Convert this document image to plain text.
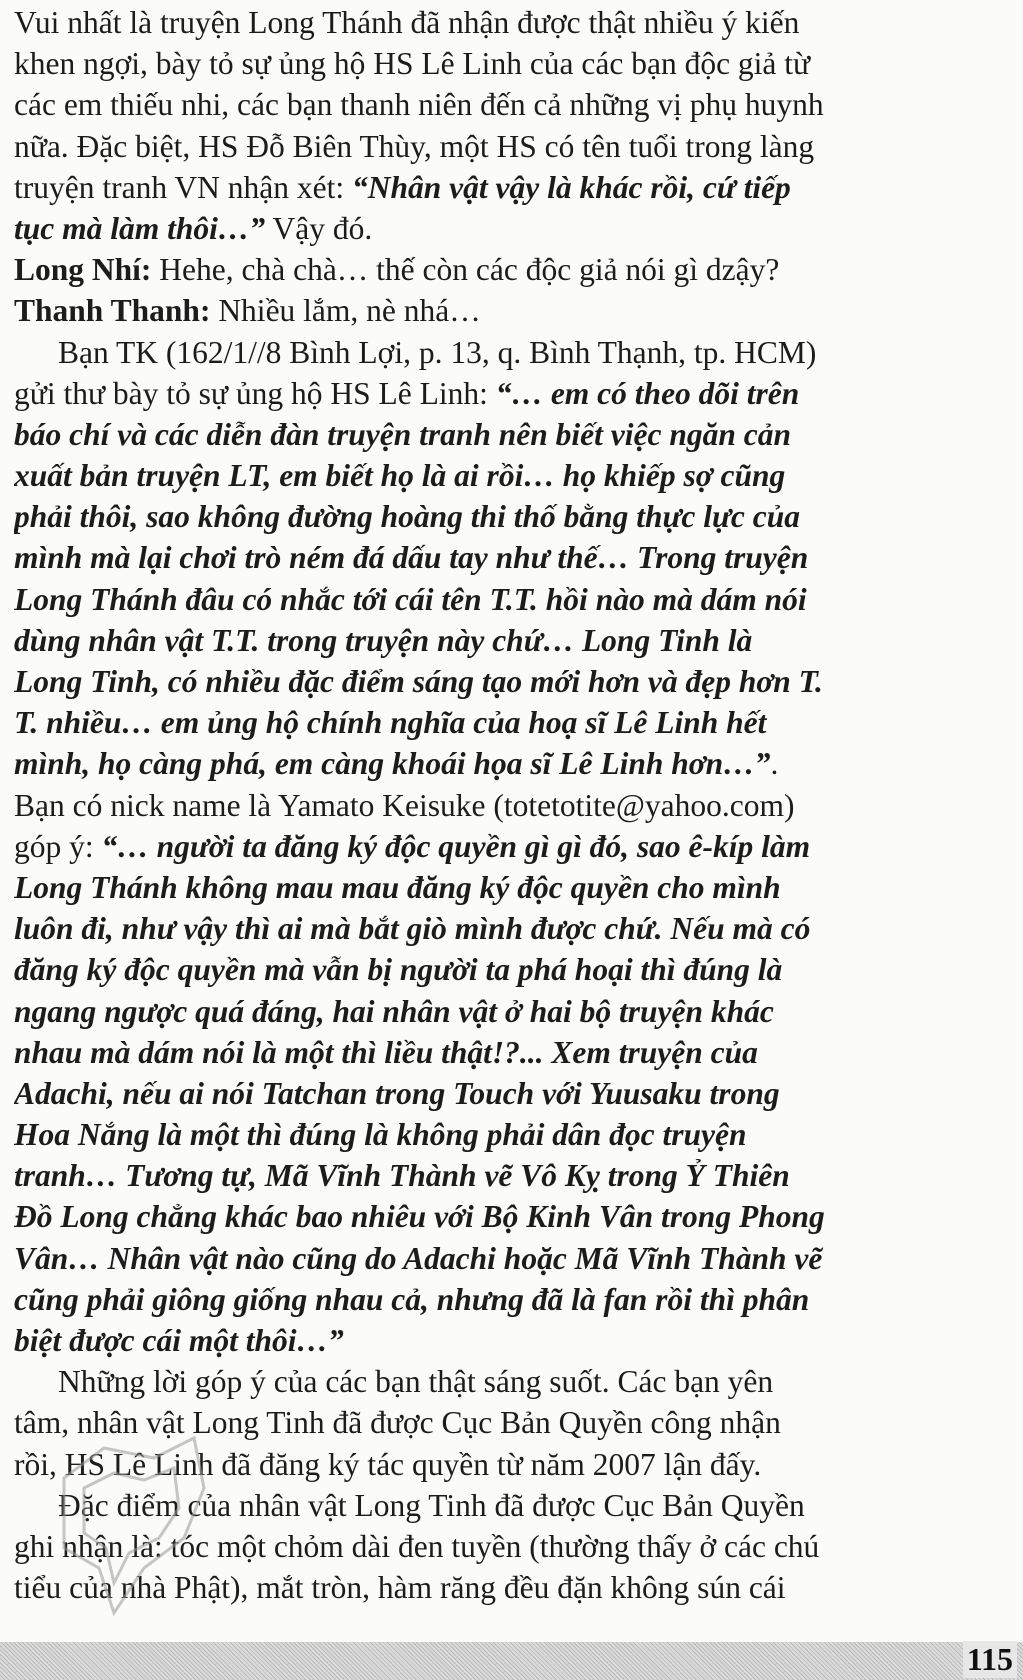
Vui nhất là truyện Long Thánh đã nhận được thật nhiều ý kiến
khen ngợi, bày tỏ sự ủng hộ HS Lê Linh của các bạn độc giả từ
các em thiếu nhi, các bạn thanh niên đến cả những vị phụ huynh
nữa. Đặc biệt, HS Đỗ Biên Thùy, một HS có tên tuổi trong làng
truyện tranh VN nhận xét: “Nhân vật vậy là khác rồi, cứ tiếp
tục mà làm thôi…” Vậy đó.
Long Nhí: Hehe, chà chà… thế còn các độc giả nói gì dzậy?
Thanh Thanh: Nhiều lắm, nè nhá…
Bạn TK (162/1//8 Bình Lợi, p. 13, q. Bình Thạnh, tp. HCM)
gửi thư bày tỏ sự ủng hộ HS Lê Linh: “… em có theo dõi trên
báo chí và các diễn đàn truyện tranh nên biết việc ngăn cản
xuất bản truyện LT, em biết họ là ai rồi… họ khiếp sợ cũng
phải thôi, sao không đường hoàng thi thố bằng thực lực của
mình mà lại chơi trò ném đá dấu tay như thế… Trong truyện
Long Thánh đâu có nhắc tới cái tên T.T. hồi nào mà dám nói
dùng nhân vật T.T. trong truyện này chứ… Long Tinh là
Long Tinh, có nhiều đặc điểm sáng tạo mới hơn và đẹp hơn T.
T. nhiều… em ủng hộ chính nghĩa của hoạ sĩ Lê Linh hết
mình, họ càng phá, em càng khoái họa sĩ Lê Linh hơn…”.
Bạn có nick name là Yamato Keisuke (totetotite@yahoo.com)
góp ý: “… người ta đăng ký độc quyền gì gì đó, sao ê-kíp làm
Long Thánh không mau mau đăng ký độc quyền cho mình
luôn đi, như vậy thì ai mà bắt giò mình được chứ. Nếu mà có
đăng ký độc quyền mà vẫn bị người ta phá hoại thì đúng là
ngang ngược quá đáng, hai nhân vật ở hai bộ truyện khác
nhau mà dám nói là một thì liều thật!?... Xem truyện của
Adachi, nếu ai nói Tatchan trong Touch với Yuusaku trong
Hoa Nắng là một thì đúng là không phải dân đọc truyện
tranh… Tương tự, Mã Vĩnh Thành vẽ Vô Kỵ trong Ỷ Thiên
Đồ Long chẳng khác bao nhiêu với Bộ Kinh Vân trong Phong
Vân… Nhân vật nào cũng do Adachi hoặc Mã Vĩnh Thành vẽ
cũng phải giông giống nhau cả, nhưng đã là fan rồi thì phân
biệt được cái một thôi…”
Những lời góp ý của các bạn thật sáng suốt. Các bạn yên
tâm, nhân vật Long Tinh đã được Cục Bản Quyền công nhận
rồi, HS Lê Linh đã đăng ký tác quyền từ năm 2007 lận đấy.
Đặc điểm của nhân vật Long Tinh đã được Cục Bản Quyền
ghi nhận là: tóc một chỏm dài đen tuyền (thường thấy ở các chú
tiểu của nhà Phật), mắt tròn, hàm răng đều đặn không sún cái
115
